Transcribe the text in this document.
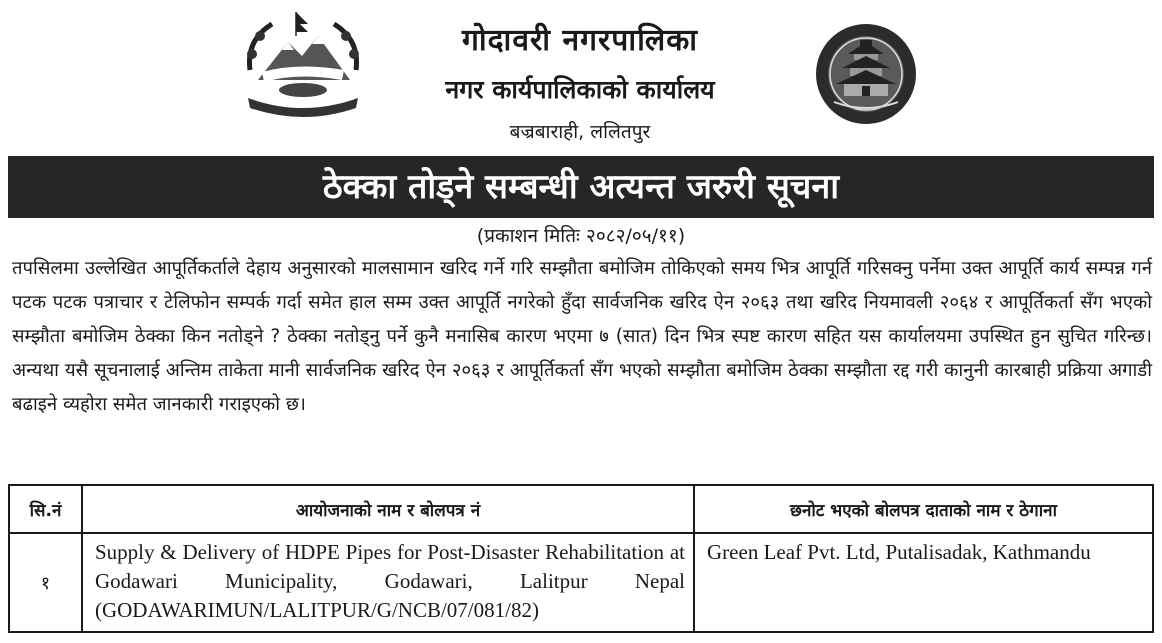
गोदावरी नगरपालिका
नगर कार्यपालिकाको कार्यालय
बज्रबाराही, ललितपुर
ठेक्का तोड्ने सम्बन्धी अत्यन्त जरुरी सूचना
(प्रकाशन मितिः २०८२/०५/११)
तपसिलमा उल्लेखित आपूर्तिकर्ताले देहाय अनुसारको मालसामान खरिद गर्ने गरि सम्झौता बमोजिम तोकिएको समय भित्र आपूर्ति गरिसक्नु पर्नेमा उक्त आपूर्ति कार्य सम्पन्न गर्न पटक पटक पत्राचार र टेलिफोन सम्पर्क गर्दा समेत हाल सम्म उक्त आपूर्ति नगरेको हुँदा सार्वजनिक खरिद ऐन २०६३ तथा खरिद नियमावली २०६४ र आपूर्तिकर्ता सँग भएको सम्झौता बमोजिम ठेक्का किन नतोड्ने ? ठेक्का नतोड्नु पर्ने कुनै मनासिब कारण भएमा ७ (सात) दिन भित्र स्पष्ट कारण सहित यस कार्यालयमा उपस्थित हुन सुचित गरिन्छ। अन्यथा यसै सूचनालाई अन्तिम ताकेता मानी सार्वजनिक खरिद ऐन २०६३ र आपूर्तिकर्ता सँग भएको सम्झौता बमोजिम ठेक्का सम्झौता रद्द गरी कानुनी कारबाही प्रक्रिया अगाडी बढाइने व्यहोरा समेत जानकारी गराइएको छ।
सि.नं	आयोजनाको नाम र बोलपत्र नं	छनोट भएको बोलपत्र दाताको नाम र ठेगाना
१	Supply & Delivery of HDPE Pipes for Post-Disaster Rehabilitation at Godawari Municipality, Godawari, Lalitpur Nepal (GODAWARIMUN/LALITPUR/G/NCB/07/081/82)	Green Leaf Pvt. Ltd, Putalisadak, Kathmandu
